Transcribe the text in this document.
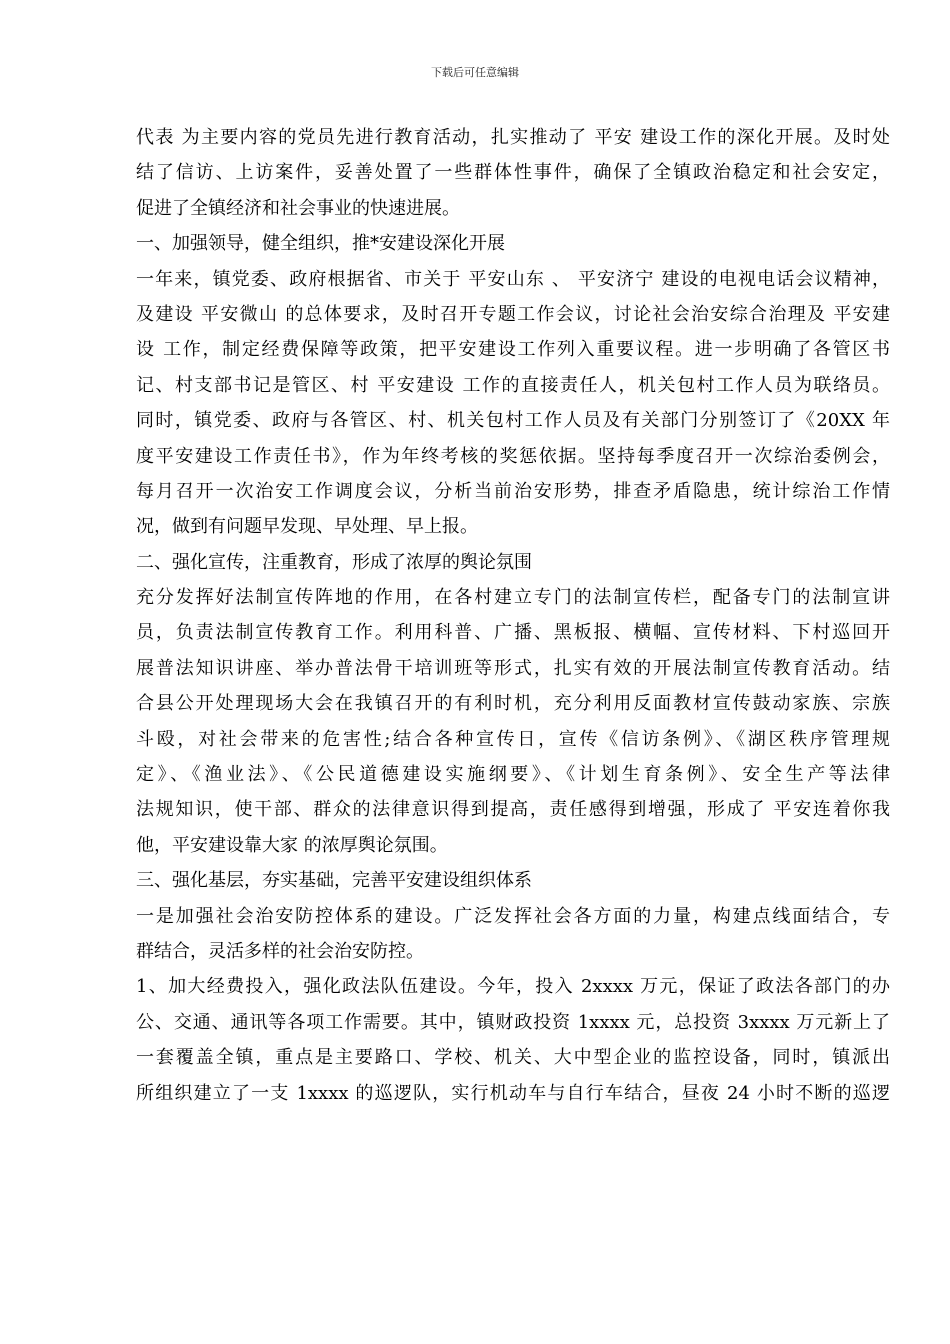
下载后可任意编辑
代表 为主要内容的党员先进行教育活动，扎实推动了 平安 建设工作的深化开展。及时处
结了信访、上访案件，妥善处置了一些群体性事件，确保了全镇政治稳定和社会安定，
促进了全镇经济和社会事业的快速进展。
一、加强领导，健全组织，推*安建设深化开展
一年来，镇党委、政府根据省、市关于 平安山东 、 平安济宁 建设的电视电话会议精神，
及建设 平安微山 的总体要求，及时召开专题工作会议，讨论社会治安综合治理及 平安建
设 工作，制定经费保障等政策，把平安建设工作列入重要议程。进一步明确了各管区书
记、村支部书记是管区、村 平安建设 工作的直接责任人，机关包村工作人员为联络员。
同时，镇党委、政府与各管区、村、机关包村工作人员及有关部门分别签订了《20XX 年
度平安建设工作责任书》，作为年终考核的奖惩依据。坚持每季度召开一次综治委例会，
每月召开一次治安工作调度会议，分析当前治安形势，排查矛盾隐患，统计综治工作情
况，做到有问题早发现、早处理、早上报。
二、强化宣传，注重教育，形成了浓厚的舆论氛围
充分发挥好法制宣传阵地的作用，在各村建立专门的法制宣传栏，配备专门的法制宣讲
员，负责法制宣传教育工作。利用科普、广播、黑板报、横幅、宣传材料、下村巡回开
展普法知识讲座、举办普法骨干培训班等形式，扎实有效的开展法制宣传教育活动。结
合县公开处理现场大会在我镇召开的有利时机，充分利用反面教材宣传鼓动家族、宗族
斗殴，对社会带来的危害性;结合各种宣传日，宣传《信访条例》、《湖区秩序管理规
定》、《渔业法》、《公民道德建设实施纲要》、《计划生育条例》、安全生产等法律
法规知识，使干部、群众的法律意识得到提高，责任感得到增强，形成了 平安连着你我
他，平安建设靠大家 的浓厚舆论氛围。
三、强化基层，夯实基础，完善平安建设组织体系
一是加强社会治安防控体系的建设。广泛发挥社会各方面的力量，构建点线面结合，专
群结合，灵活多样的社会治安防控。
1、加大经费投入，强化政法队伍建设。今年，投入 2xxxx 万元，保证了政法各部门的办
公、交通、通讯等各项工作需要。其中，镇财政投资 1xxxx 元，总投资 3xxxx 万元新上了
一套覆盖全镇，重点是主要路口、学校、机关、大中型企业的监控设备，同时，镇派出
所组织建立了一支 1xxxx 的巡逻队，实行机动车与自行车结合，昼夜 24 小时不断的巡逻
